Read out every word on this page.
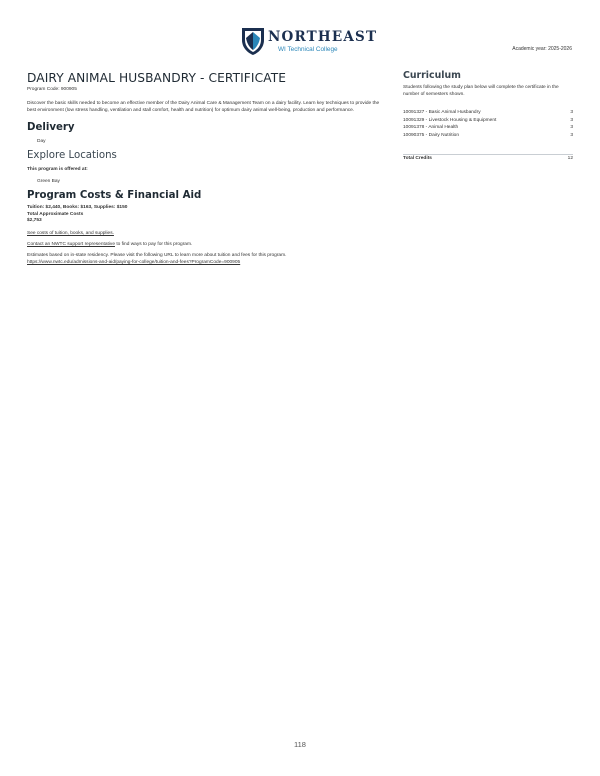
NORTHEAST
WI Technical College	Academic year: 2025-2026
DAIRY ANIMAL HUSBANDRY - CERTIFICATE
Program Code: 900905
Discover the basic skills needed to become an effective member of the Dairy Animal Care & Management Team on a dairy facility. Learn key techniques to provide the best environment (low stress handling, ventilation and stall comfort, health and nutrition) for optimum dairy animal well-being, production and performance.
Delivery
Day
Explore Locations
This program is offered at:
Green Bay
Program Costs & Financial Aid
Tuition: $2,440, Books: $163, Supplies: $150
Total Approximate Costs
$2,753
See costs of tuition, books, and supplies.
Contact an NWTC support representative to find ways to pay for this program.
Estimates based on in-state residency. Please visit the following URL to learn more about tuition and fees for this program.
https://www.nwtc.edu/admissions-and-aid/paying-for-college/tuition-and-fees?ProgramCode=900905
Curriculum
Students following the study plan below will complete the certificate in the number of semesters shown.
10091327 - Basic Animal Husbandry	3
10091329 - Livestock Housing & Equipment	3
10091378 - Animal Health	3
10090375 - Dairy Nutrition	3
Total Credits	12
118
